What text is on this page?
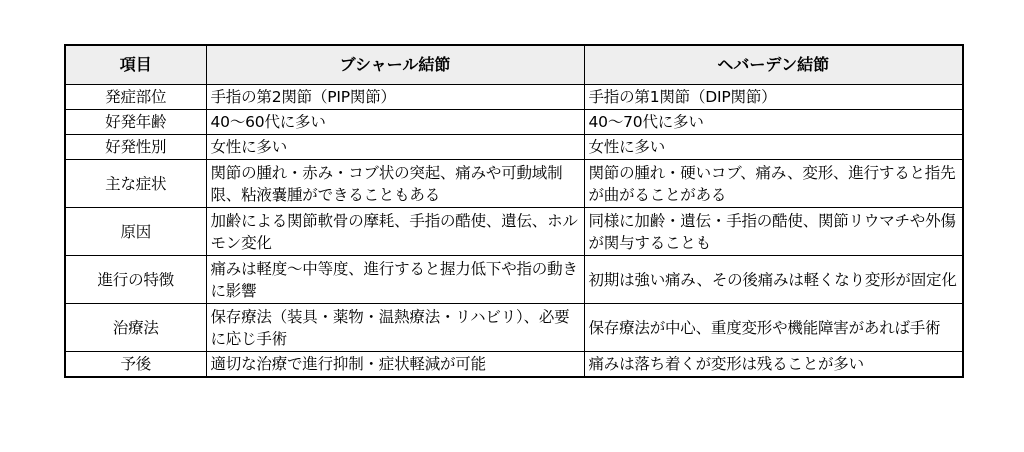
項目	ブシャール結節	ヘバーデン結節
発症部位	手指の第2関節（PIP関節）	手指の第1関節（DIP関節）
好発年齢	40〜60代に多い	40〜70代に多い
好発性別	女性に多い	女性に多い
主な症状	関節の腫れ・赤み・コブ状の突起、痛みや可動域制限、粘液嚢腫ができることもある	関節の腫れ・硬いコブ、痛み、変形、進行すると指先が曲がることがある
原因	加齢による関節軟骨の摩耗、手指の酷使、遺伝、ホルモン変化	同様に加齢・遺伝・手指の酷使、関節リウマチや外傷が関与することも
進行の特徴	痛みは軽度〜中等度、進行すると握力低下や指の動きに影響	初期は強い痛み、その後痛みは軽くなり変形が固定化
治療法	保存療法（装具・薬物・温熱療法・リハビリ）、必要に応じ手術	保存療法が中心、重度変形や機能障害があれば手術
予後	適切な治療で進行抑制・症状軽減が可能	痛みは落ち着くが変形は残ることが多い
